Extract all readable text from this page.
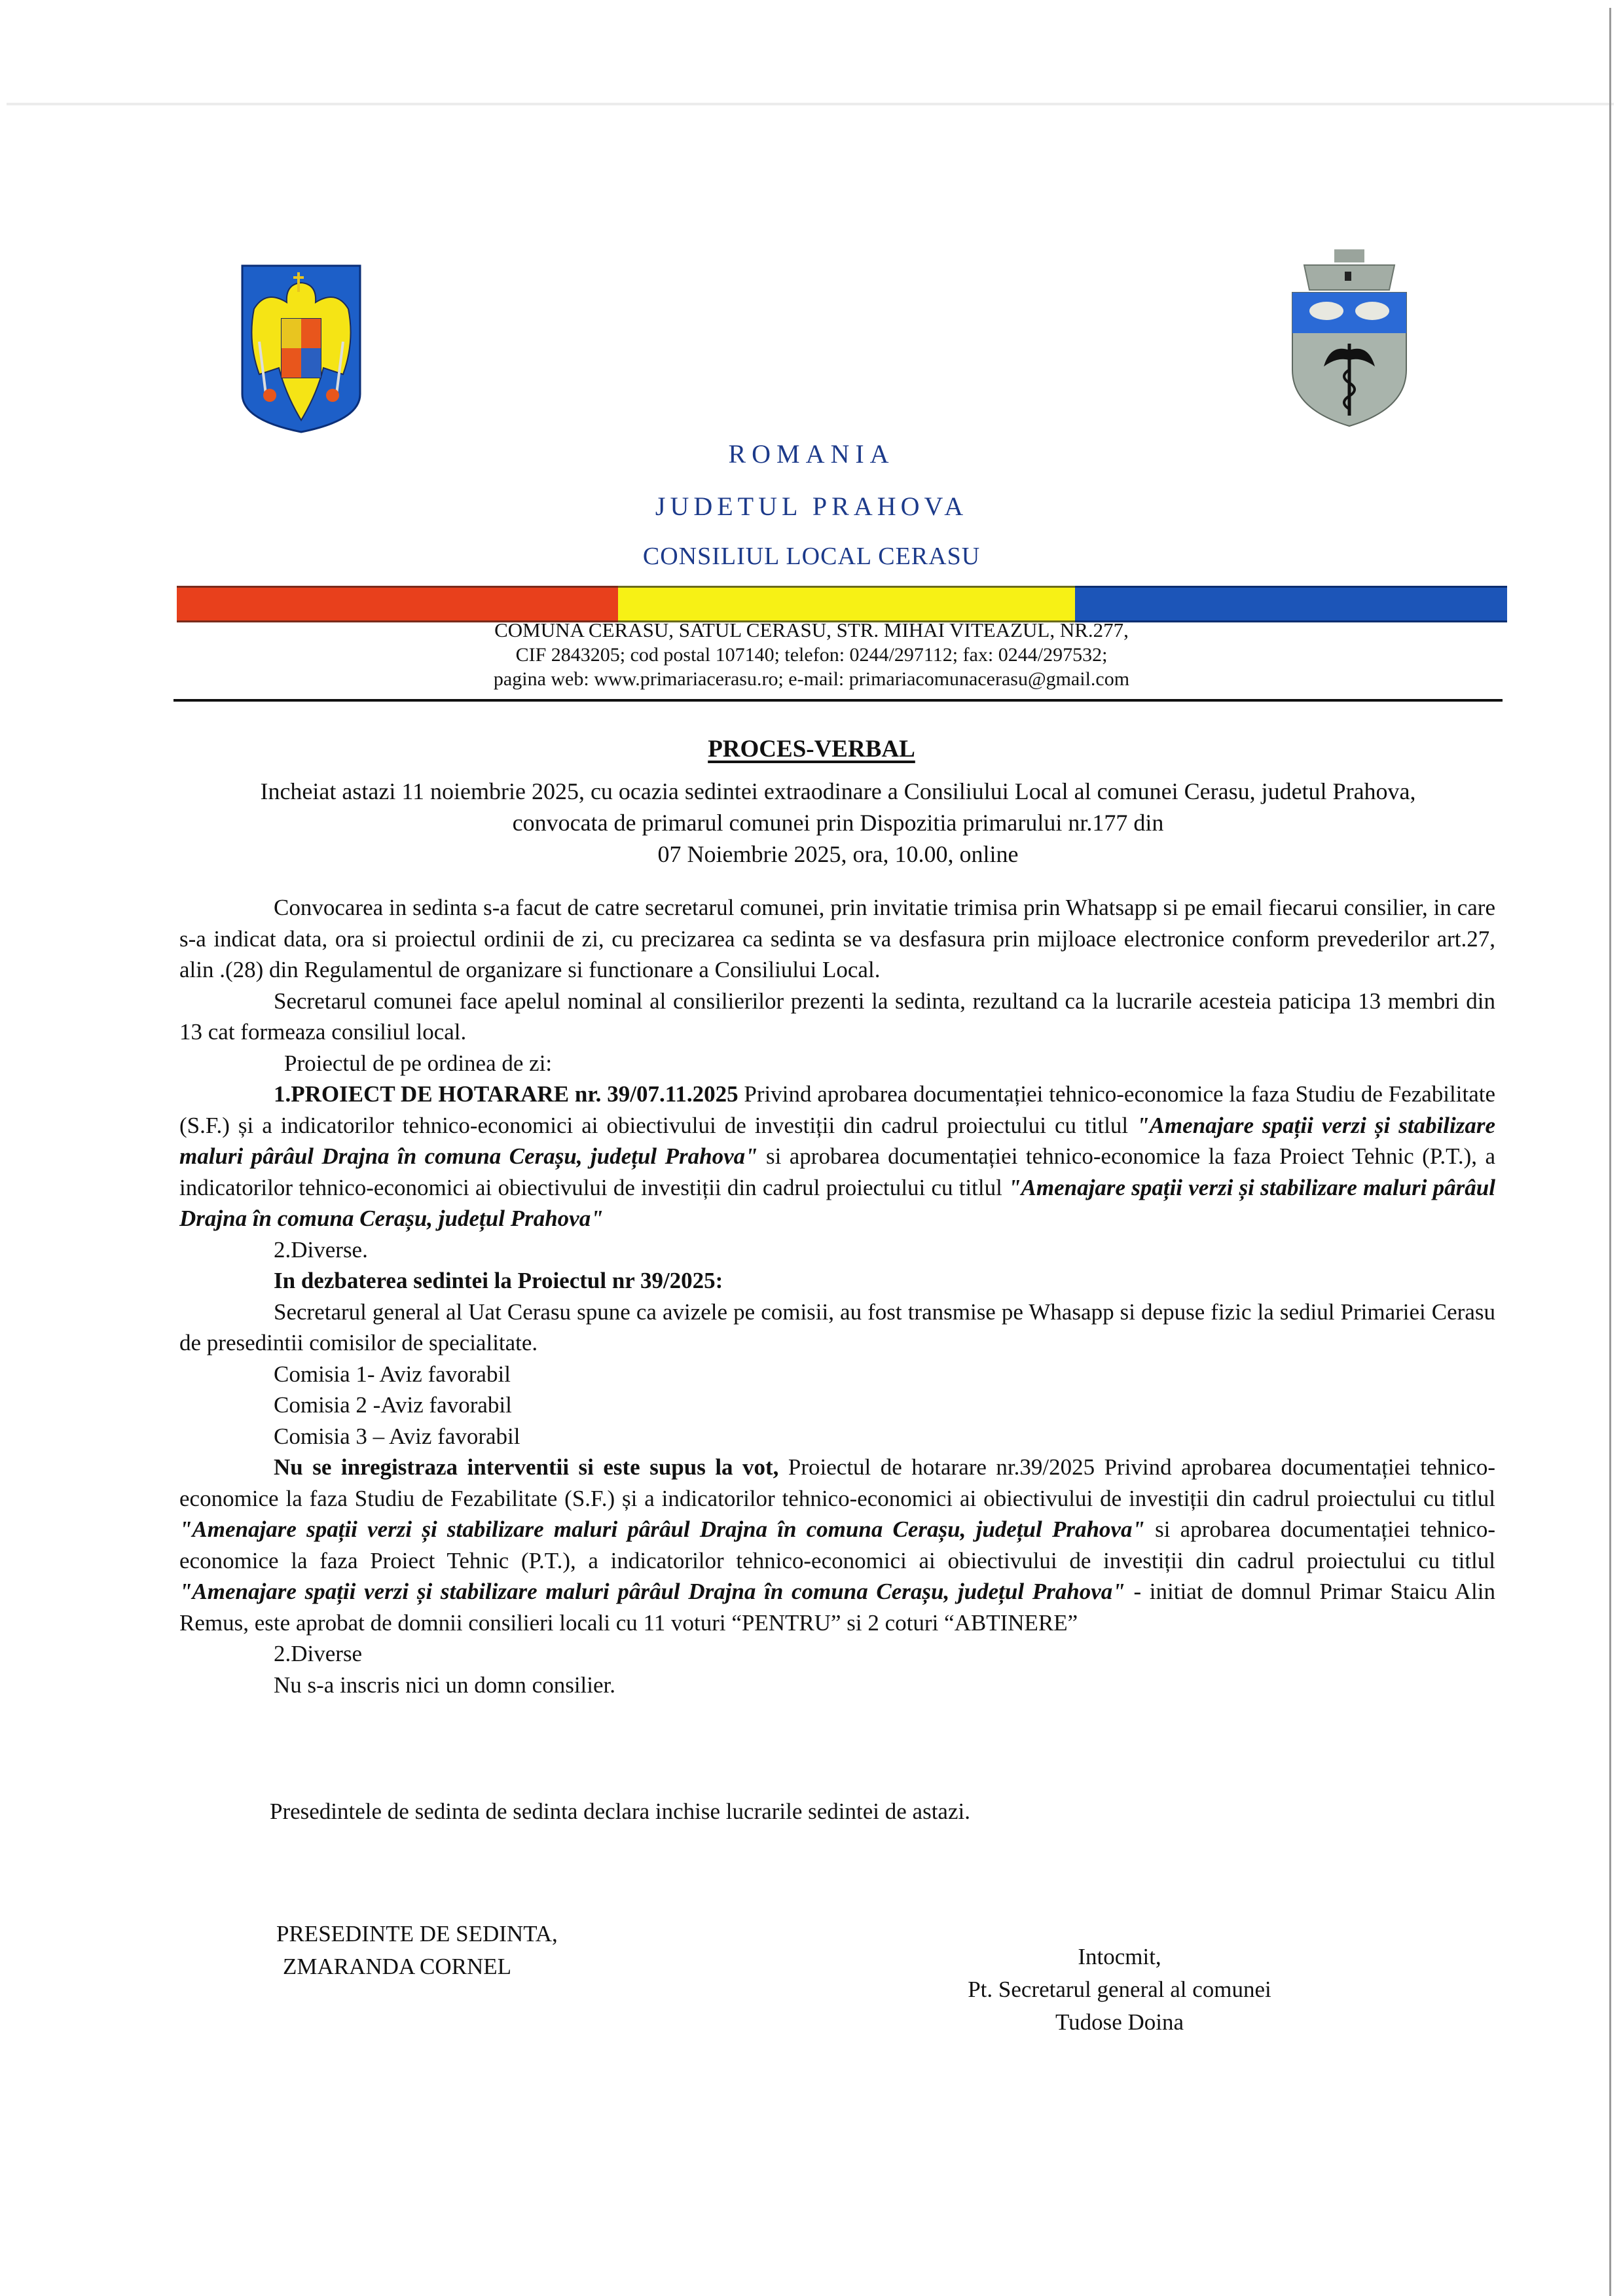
ROMANIA
JUDETUL PRAHOVA
CONSILIUL LOCAL CERASU
COMUNA CERASU, SATUL CERASU, STR. MIHAI VITEAZUL, NR.277,
CIF 2843205; cod postal 107140; telefon: 0244/297112; fax: 0244/297532;
pagina web: www.primariacerasu.ro; e-mail: primariacomunacerasu@gmail.com
PROCES-VERBAL
Incheiat astazi 11 noiembrie 2025, cu ocazia sedintei extraodinare a Consiliului Local al comunei Cerasu, judetul Prahova,
convocata de primarul comunei prin Dispozitia primarului nr.177 din
07 Noiembrie 2025, ora, 10.00, online

Convocarea in sedinta s-a facut de catre secretarul comunei, prin invitatie trimisa prin Whatsapp si pe email fiecarui consilier, in care s-a indicat data, ora si proiectul ordinii de zi, cu precizarea ca sedinta se va desfasura prin mijloace electronice conform prevederilor art.27, alin .(28) din Regulamentul de organizare si functionare a Consiliului Local.

Secretarul comunei face apelul nominal al consilierilor prezenti la sedinta, rezultand ca la lucrarile acesteia paticipa 13 membri din 13 cat formeaza consiliul local.

Proiectul de pe ordinea de zi:

1.PROIECT DE HOTARARE nr. 39/07.11.2025 Privind aprobarea documentației tehnico-economice la faza Studiu de Fezabilitate (S.F.) și a indicatorilor tehnico-economici ai obiectivului de investiții din cadrul proiectului cu titlul "Amenajare spații verzi și stabilizare maluri pârâul Drajna în comuna Cerașu, județul Prahova" si aprobarea documentației tehnico-economice la faza Proiect Tehnic (P.T.), a indicatorilor tehnico-economici ai obiectivului de investiții din cadrul proiectului cu titlul "Amenajare spații verzi și stabilizare maluri pârâul Drajna în comuna Cerașu, județul Prahova"

2.Diverse.

In dezbaterea sedintei la Proiectul nr 39/2025:

Secretarul general al Uat Cerasu spune ca avizele pe comisii, au fost transmise pe Whasapp si depuse fizic la sediul Primariei Cerasu de presedintii comisilor de specialitate.

Comisia 1- Aviz favorabil

Comisia 2 -Aviz favorabil

Comisia 3 – Aviz favorabil

Nu se inregistraza interventii si este supus la vot, Proiectul de hotarare nr.39/2025 Privind aprobarea documentației tehnico-economice la faza Studiu de Fezabilitate (S.F.) și a indicatorilor tehnico-economici ai obiectivului de investiții din cadrul proiectului cu titlul "Amenajare spații verzi și stabilizare maluri pârâul Drajna în comuna Cerașu, județul Prahova" si aprobarea documentației tehnico-economice la faza Proiect Tehnic (P.T.), a indicatorilor tehnico-economici ai obiectivului de investiții din cadrul proiectului cu titlul "Amenajare spații verzi și stabilizare maluri pârâul Drajna în comuna Cerașu, județul Prahova" - initiat de domnul Primar Staicu Alin Remus, este aprobat de domnii consilieri locali cu 11 voturi “PENTRU” si 2 coturi “ABTINERE”

2.Diverse

Nu s-a inscris nici un domn consilier.

Presedintele de sedinta de sedinta declara inchise lucrarile sedintei de astazi.
PRESEDINTE DE SEDINTA,
ZMARANDA CORNEL	Intocmit,
Pt. Secretarul general al comunei
Tudose Doina
